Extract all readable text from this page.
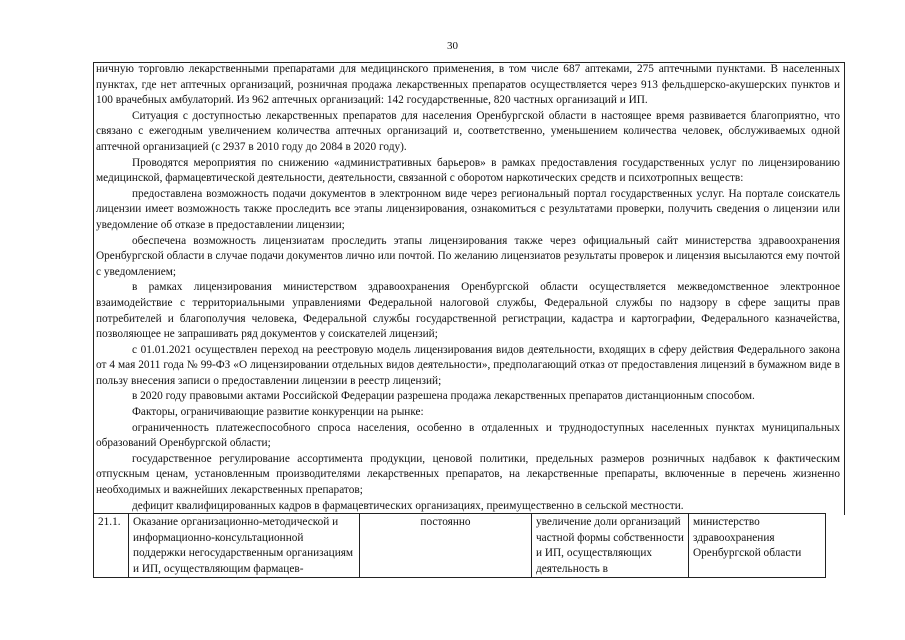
30

ничную торговлю лекарственными препаратами для медицинского применения, в том числе 687 аптеками, 275 аптечными пунктами. В населенных пунктах, где нет аптечных организаций, розничная продажа лекарственных препаратов осуществляется через 913 фельдшерско-акушерских пунктов и 100 врачебных амбулаторий. Из 962 аптечных организаций: 142 государственные, 820 частных организаций и ИП.

Ситуация с доступностью лекарственных препаратов для населения Оренбургской области в настоящее время развивается благоприятно, что связано с ежегодным увеличением количества аптечных организаций и, соответственно, уменьшением количества человек, обслуживаемых одной аптечной организацией (с 2937 в 2010 году до 2084 в 2020 году).

Проводятся мероприятия по снижению «административных барьеров» в рамках предоставления государственных услуг по лицензированию медицинской, фармацевтической деятельности, деятельности, связанной с оборотом наркотических средств и психотропных веществ:

предоставлена возможность подачи документов в электронном виде через региональный портал государственных услуг. На портале соискатель лицензии имеет возможность также проследить все этапы лицензирования, ознакомиться с результатами проверки, получить сведения о лицензии или уведомление об отказе в предоставлении лицензии;

обеспечена возможность лицензиатам проследить этапы лицензирования также через официальный сайт министерства здравоохранения Оренбургской области в случае подачи документов лично или почтой. По желанию лицензиатов результаты проверок и лицензия высылаются ему почтой с уведомлением;

в рамках лицензирования министерством здравоохранения Оренбургской области осуществляется межведомственное электронное взаимодействие с территориальными управлениями Федеральной налоговой службы, Федеральной службы по надзору в сфере защиты прав потребителей и благополучия человека, Федеральной службы государственной регистрации, кадастра и картографии, Федерального казначейства, позволяющее не запрашивать ряд документов у соискателей лицензий;

с 01.01.2021 осуществлен переход на реестровую модель лицензирования видов деятельности, входящих в сферу действия Федерального закона от 4 мая 2011 года № 99-ФЗ «О лицензировании отдельных видов деятельности», предполагающий отказ от предоставления лицензий в бумажном виде в пользу внесения записи о предоставлении лицензии в реестр лицензий;

в 2020 году правовыми актами Российской Федерации разрешена продажа лекарственных препаратов дистанционным способом.

Факторы, ограничивающие развитие конкуренции на рынке:

ограниченность платежеспособного спроса населения, особенно в отдаленных и труднодоступных населенных пунктах муниципальных образований Оренбургской области;

государственное регулирование ассортимента продукции, ценовой политики, предельных размеров розничных надбавок к фактическим отпускным ценам, установленным производителями лекарственных препаратов, на лекарственные препараты, включенные в перечень жизненно необходимых и важнейших лекарственных препаратов;

дефицит квалифицированных кадров в фармацевтических организациях, преимущественно в сельской местности.

21.1.	Оказание организационно-методической и информационно-консультационной поддержки негосударственным организациям и ИП, осуществляющим фармацев-	постоянно	увеличение доли организаций частной формы собственности и ИП, осуществляющих деятельность в	министерство здравоохранения Оренбургской области
